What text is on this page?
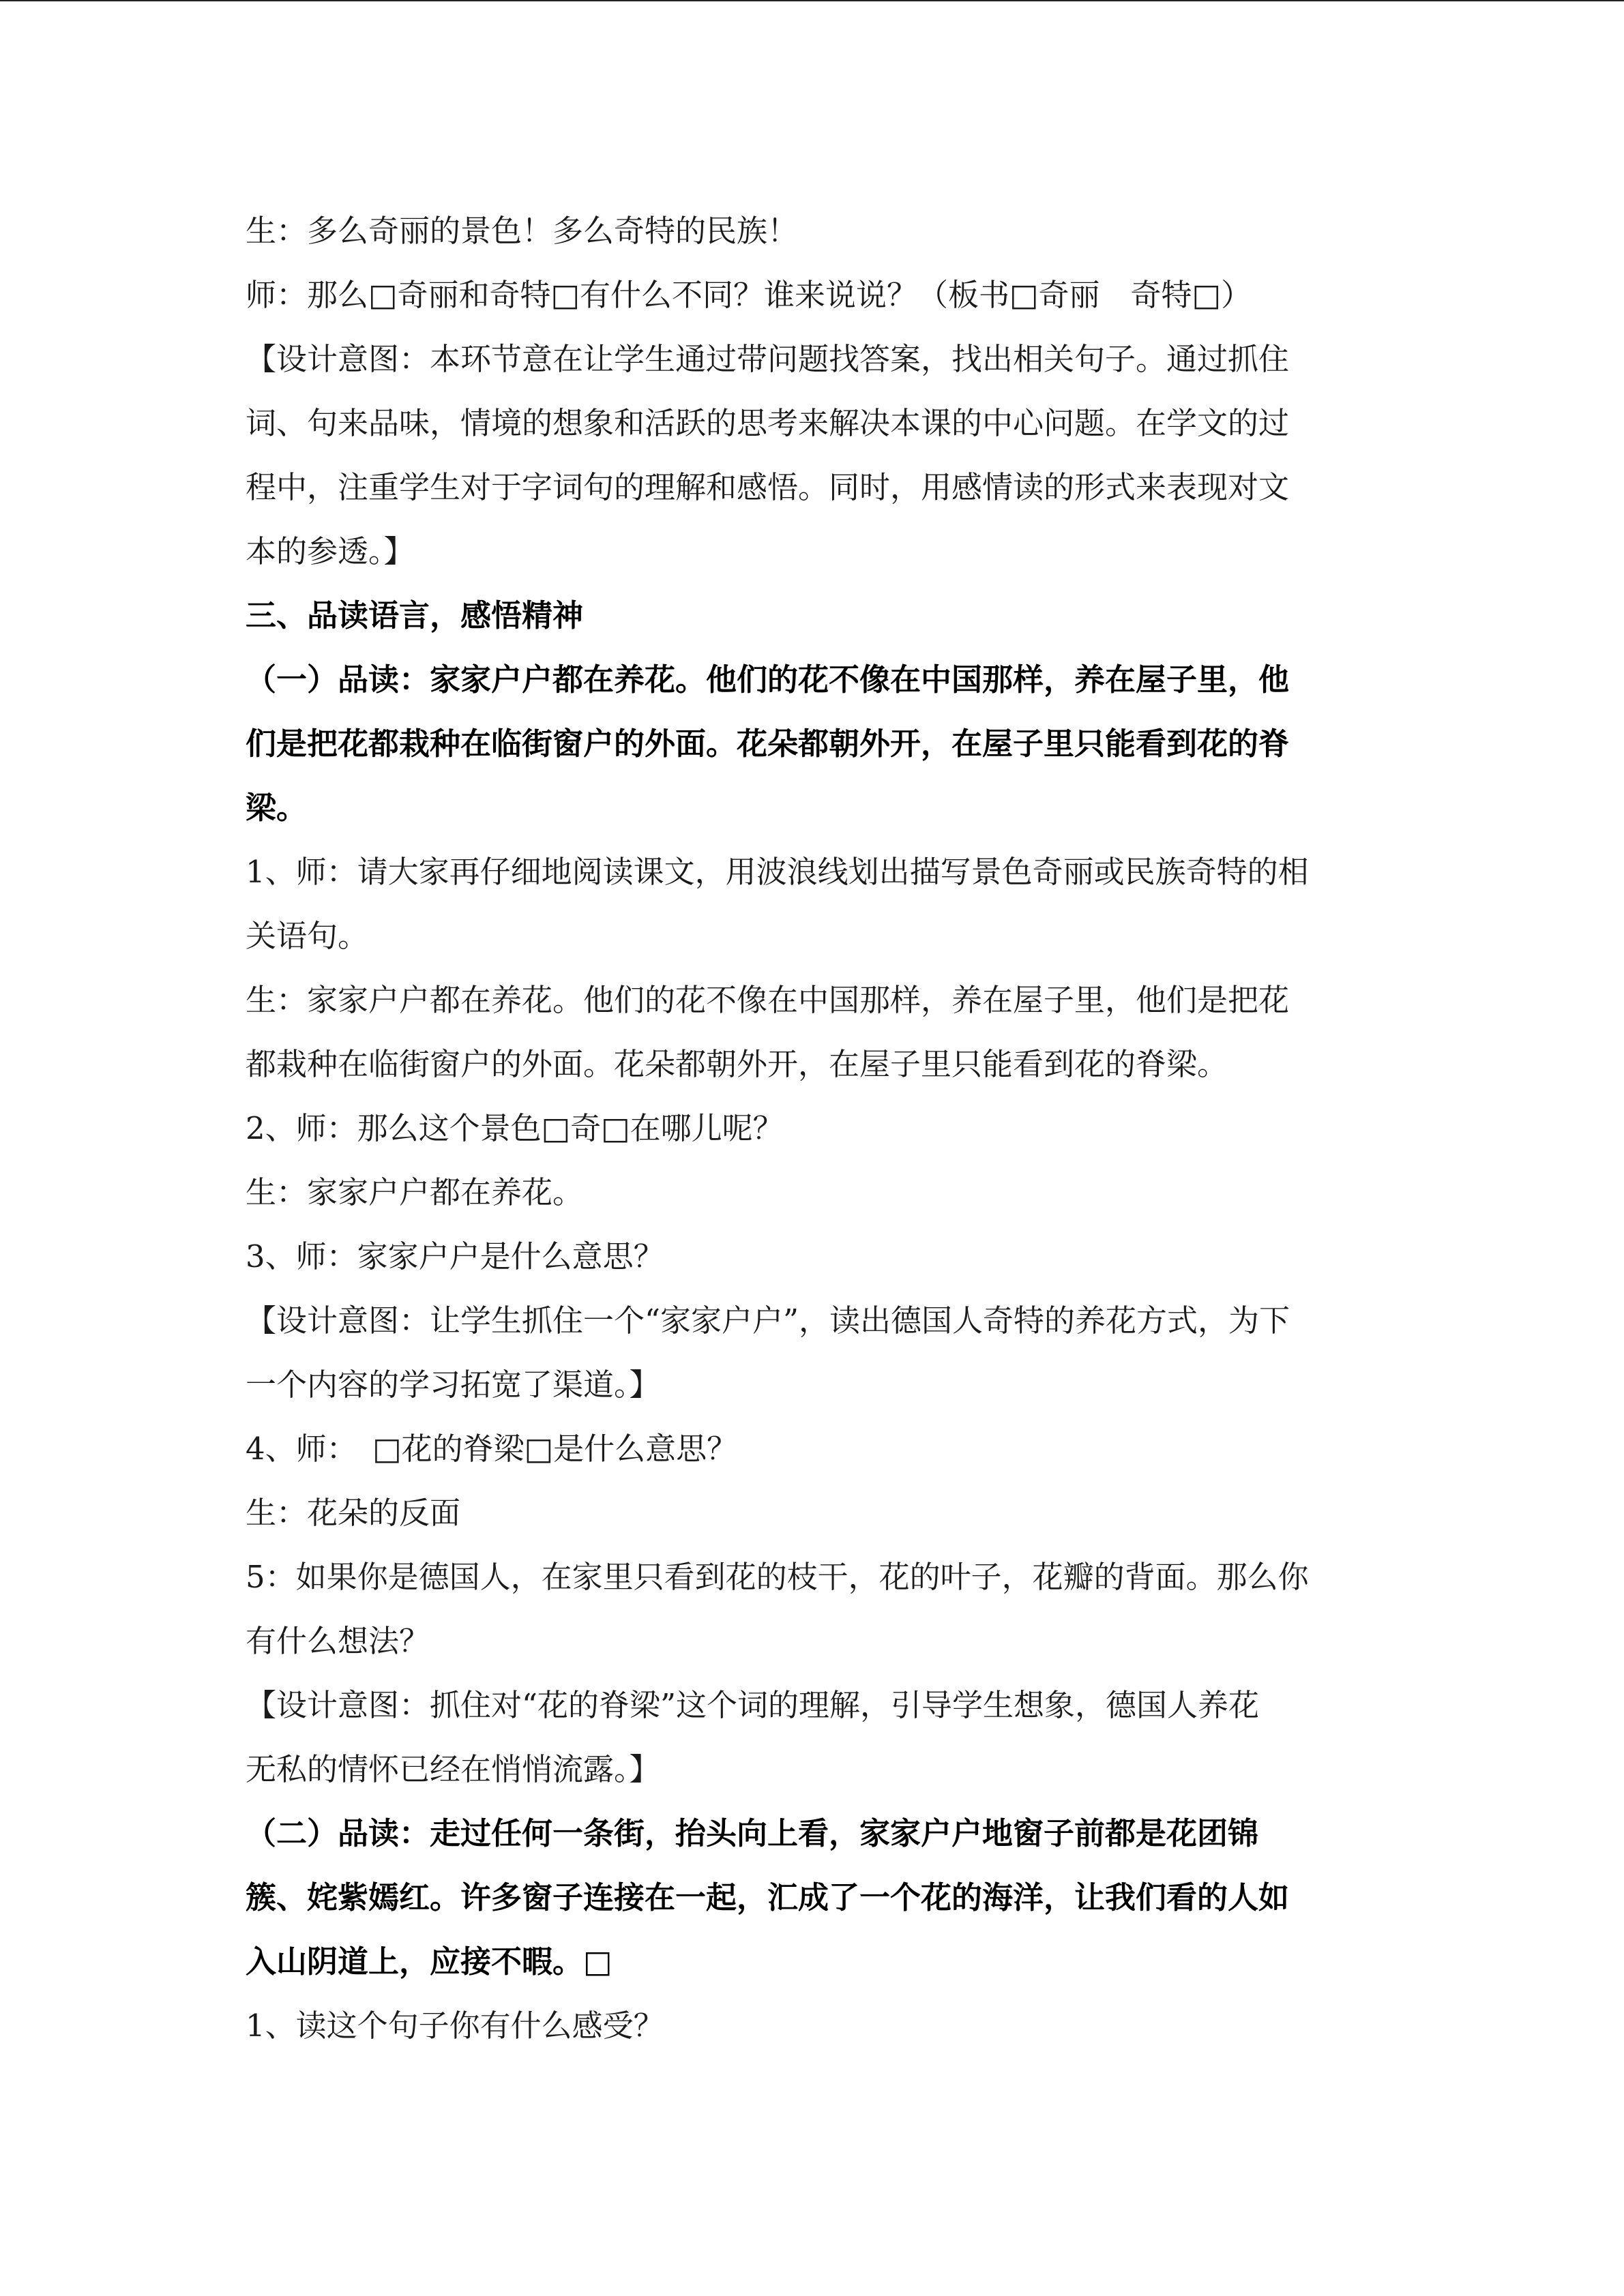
生：多么奇丽的景色！多么奇特的民族！
师：那么□奇丽和奇特□有什么不同？谁来说说？（板书□奇丽　奇特□）
【设计意图：本环节意在让学生通过带问题找答案，找出相关句子。通过抓住
词、句来品味，情境的想象和活跃的思考来解决本课的中心问题。在学文的过
程中，注重学生对于字词句的理解和感悟。同时，用感情读的形式来表现对文
本的参透。】
三、品读语言，感悟精神
（一）品读：家家户户都在养花。他们的花不像在中国那样，养在屋子里，他
们是把花都栽种在临街窗户的外面。花朵都朝外开，在屋子里只能看到花的脊
梁。
1、师：请大家再仔细地阅读课文，用波浪线划出描写景色奇丽或民族奇特的相
关语句。
生：家家户户都在养花。他们的花不像在中国那样，养在屋子里，他们是把花
都栽种在临街窗户的外面。花朵都朝外开，在屋子里只能看到花的脊梁。
2、师：那么这个景色□奇□在哪儿呢？
生：家家户户都在养花。
3、师：家家户户是什么意思？
【设计意图：让学生抓住一个“家家户户”，读出德国人奇特的养花方式，为下
一个内容的学习拓宽了渠道。】
4、师：　□花的脊梁□是什么意思？
生：花朵的反面
5：如果你是德国人，在家里只看到花的枝干，花的叶子，花瓣的背面。那么你
有什么想法？
【设计意图：抓住对“花的脊梁”这个词的理解，引导学生想象，德国人养花
无私的情怀已经在悄悄流露。】
（二）品读：走过任何一条街，抬头向上看，家家户户地窗子前都是花团锦
簇、姹紫嫣红。许多窗子连接在一起，汇成了一个花的海洋，让我们看的人如
入山阴道上，应接不暇。□
1、读这个句子你有什么感受？
